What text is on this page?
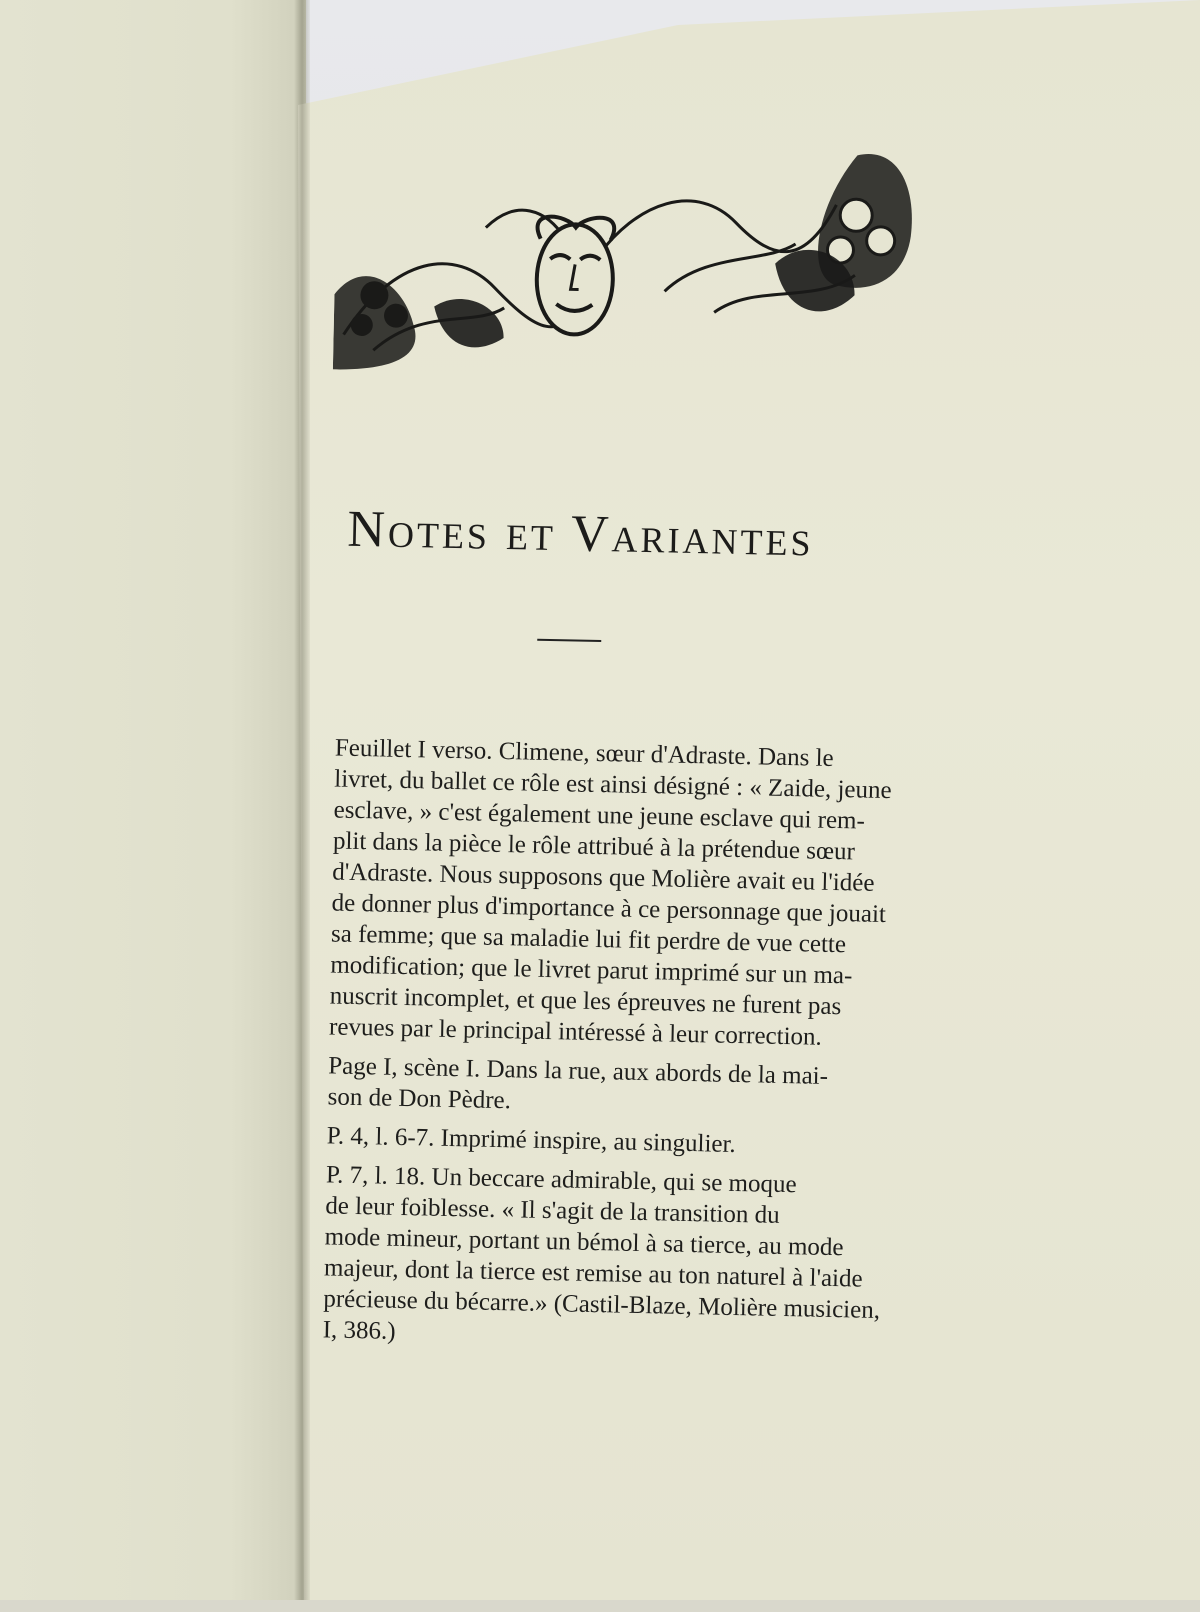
Notes et Variantes

Feuillet I verso. Climene, sœur d'Adraste. Dans le
livret, du ballet ce rôle est ainsi désigné : « Zaide, jeune
esclave, » c'est également une jeune esclave qui rem-
plit dans la pièce le rôle attribué à la prétendue sœur
d'Adraste. Nous supposons que Molière avait eu l'idée
de donner plus d'importance à ce personnage que jouait
sa femme; que sa maladie lui fit perdre de vue cette
modification; que le livret parut imprimé sur un ma-
nuscrit incomplet, et que les épreuves ne furent pas
revues par le principal intéressé à leur correction.

Page I, scène I. Dans la rue, aux abords de la mai-
son de Don Pèdre.

P. 4, l. 6-7. Imprimé inspire, au singulier.

P. 7, l. 18. Un beccare admirable, qui se moque
de leur foiblesse. « Il s'agit de la transition du
mode mineur, portant un bémol à sa tierce, au mode
majeur, dont la tierce est remise au ton naturel à l'aide
précieuse du bécarre.» (Castil-Blaze, Molière musicien,
I, 386.)
